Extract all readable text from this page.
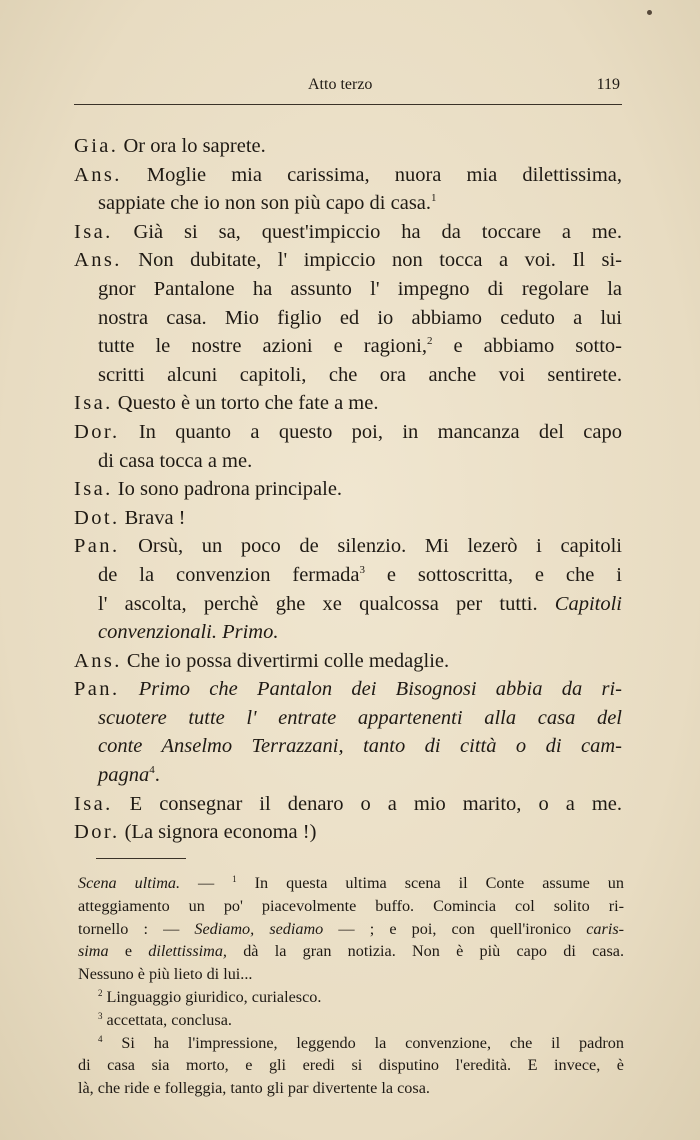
Atto terzo	119
Gia. Or ora lo saprete.
Ans. Moglie mia carissima, nuora mia dilettissima,
sappiate che io non son più capo di casa.$^1$
Isa. Già si sa, quest'impiccio ha da toccare a me.
Ans. Non dubitate, l' impiccio non tocca a voi. Il si-
gnor Pantalone ha assunto l' impegno di regolare la
nostra casa. Mio figlio ed io abbiamo ceduto a lui
tutte le nostre azioni e ragioni,$^2$ e abbiamo sotto-
scritti alcuni capitoli, che ora anche voi sentirete.
Isa. Questo è un torto che fate a me.
Dor. In quanto a questo poi, in mancanza del capo
di casa tocca a me.
Isa. Io sono padrona principale.
Dot. Brava !
Pan. Orsù, un poco de silenzio. Mi lezerò i capitoli
de la convenzion fermada$^3$ e sottoscritta, e che i
l' ascolta, perchè ghe xe qualcossa per tutti. Capitoli
convenzionali. Primo.
Ans. Che io possa divertirmi colle medaglie.
Pan. Primo che Pantalon dei Bisognosi abbia da ri-
scuotere tutte l' entrate appartenenti alla casa del
conte Anselmo Terrazzani, tanto di città o di cam-
pagna$^4$.
Isa. E consegnar il denaro o a mio marito, o a me.
Dor. (La signora economa !)
Scena ultima. — $^1$ In questa ultima scena il Conte assume un
atteggiamento un po' piacevolmente buffo. Comincia col solito ri-
tornello : — Sediamo, sediamo — ; e poi, con quell'ironico caris-
sima e dilettissima, dà la gran notizia. Non è più capo di casa.
Nessuno è più lieto di lui...
$^2$ Linguaggio giuridico, curialesco.
$^3$ accettata, conclusa.
$^4$ Si ha l'impressione, leggendo la convenzione, che il padron
di casa sia morto, e gli eredi si disputino l'eredità. E invece, è
là, che ride e folleggia, tanto gli par divertente la cosa.
